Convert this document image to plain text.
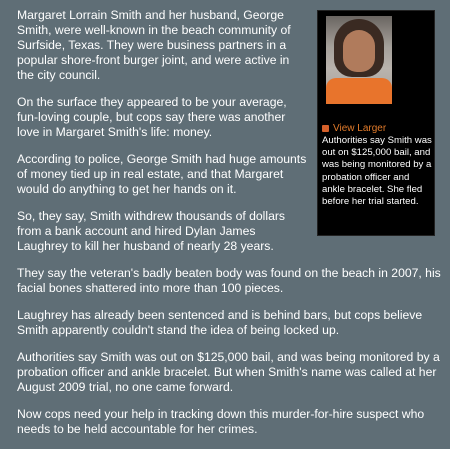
Margaret Lorrain Smith and her husband, George Smith, were well-known in the beach community of Surfside, Texas. They were business partners in a popular shore-front burger joint, and were active in the city council.

On the surface they appeared to be your average, fun-loving couple, but cops say there was another love in Margaret Smith's life: money.

According to police, George Smith had huge amounts of money tied up in real estate, and that Margaret would do anything to get her hands on it.

So, they say, Smith withdrew thousands of dollars from a bank account and hired Dylan James Laughrey to kill her husband of nearly 28 years.

They say the veteran's badly beaten body was found on the beach in 2007, his facial bones shattered into more than 100 pieces.

Laughrey has already been sentenced and is behind bars, but cops believe Smith apparently couldn't stand the idea of being locked up.

Authorities say Smith was out on $125,000 bail, and was being monitored by a probation officer and ankle bracelet. But when Smith's name was called at her August 2009 trial, no one came forward.

Now cops need your help in tracking down this murder-for-hire suspect who needs to be held accountable for her crimes.

View Larger
Authorities say Smith was out on $125,000 bail, and was being monitored by a probation officer and ankle bracelet. She fled before her trial started.
